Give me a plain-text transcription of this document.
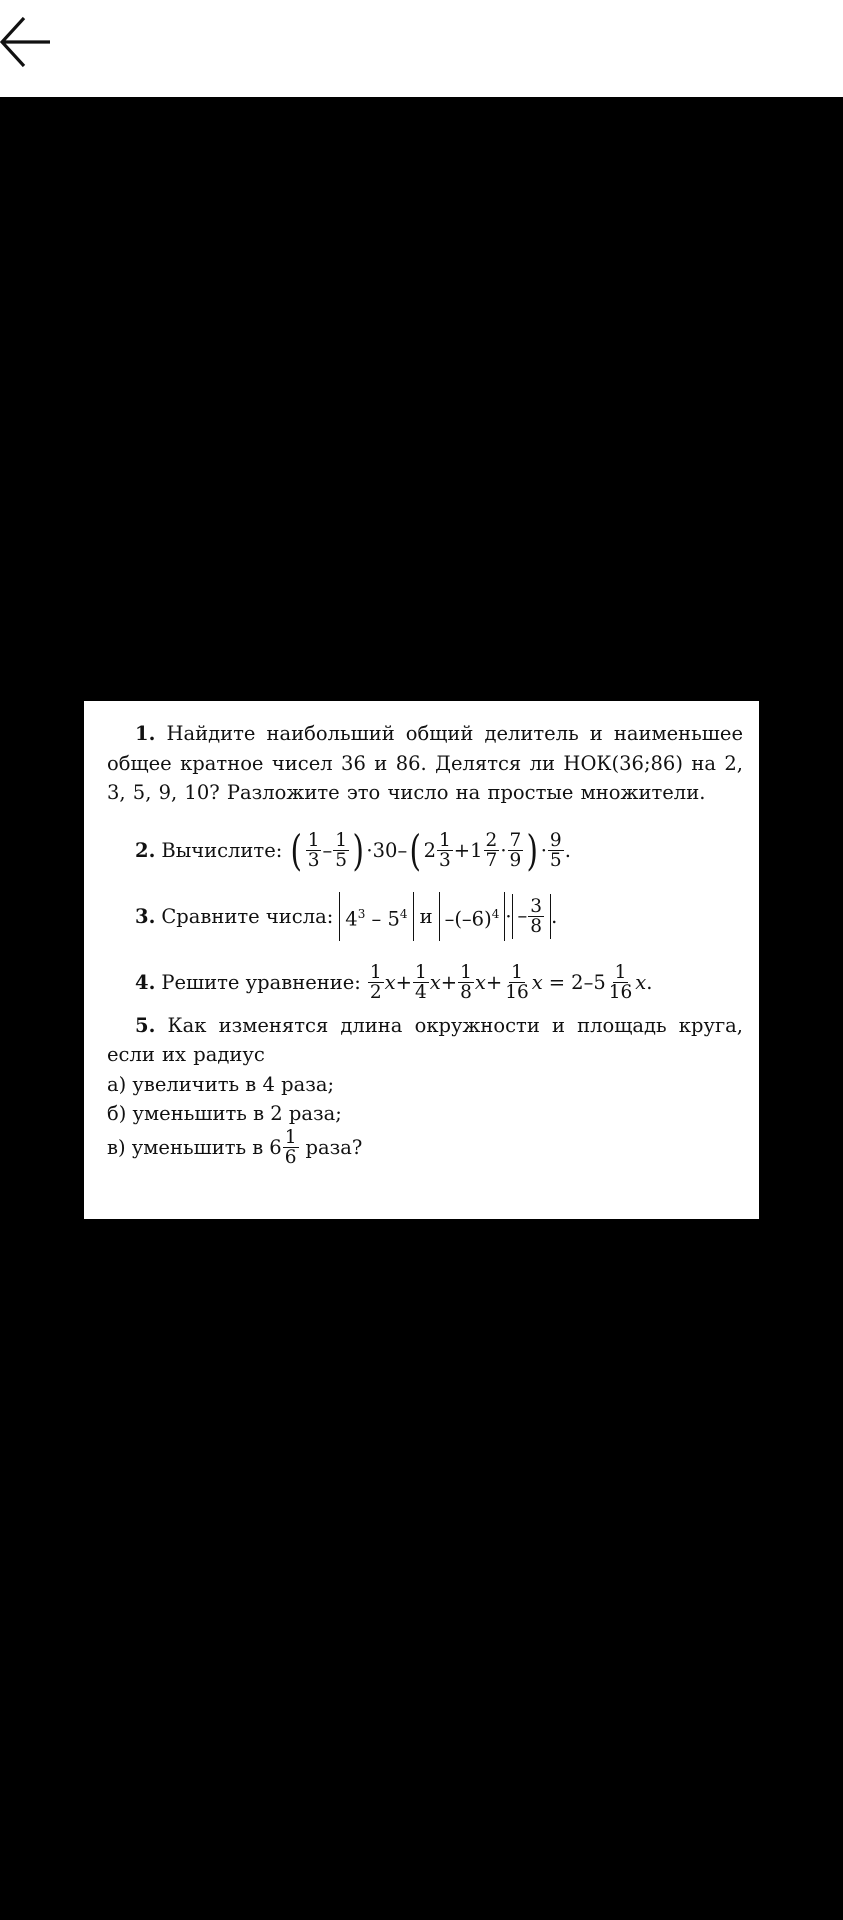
1. Найдите наибольший общий делитель и наименьшее общее кратное чисел 36 и 86. Делятся ли НОК(36;86) на 2, 3, 5, 9, 10? Разложите это число на простые множители.

2. Вычислите: ( $\frac{1}{3} - \frac{1}{5}$ ) · 30 – ( $2 \frac{1}{3} + 1 \frac{2}{7} \cdot \frac{7}{9}$ ) · $\frac{9}{5}$ .
3. Сравните числа: $4^3 - 5^4$ и $-(-6)^4$ · – $\frac{3}{8}$ .
4. Решите уравнение: $\frac{1}{2}$ $x + \frac{1}{4}$ $x + \frac{1}{8}$ $x + \frac{1}{16}$ $x = 2 - 5 \frac{1}{16}$ x .

5. Как изменятся длина окружности и площадь круга, если их радиус

а) увеличить в 4 раза;

б) уменьшить в 2 раза;

в) уменьшить в $6 \frac{1}{6}$ раза?
